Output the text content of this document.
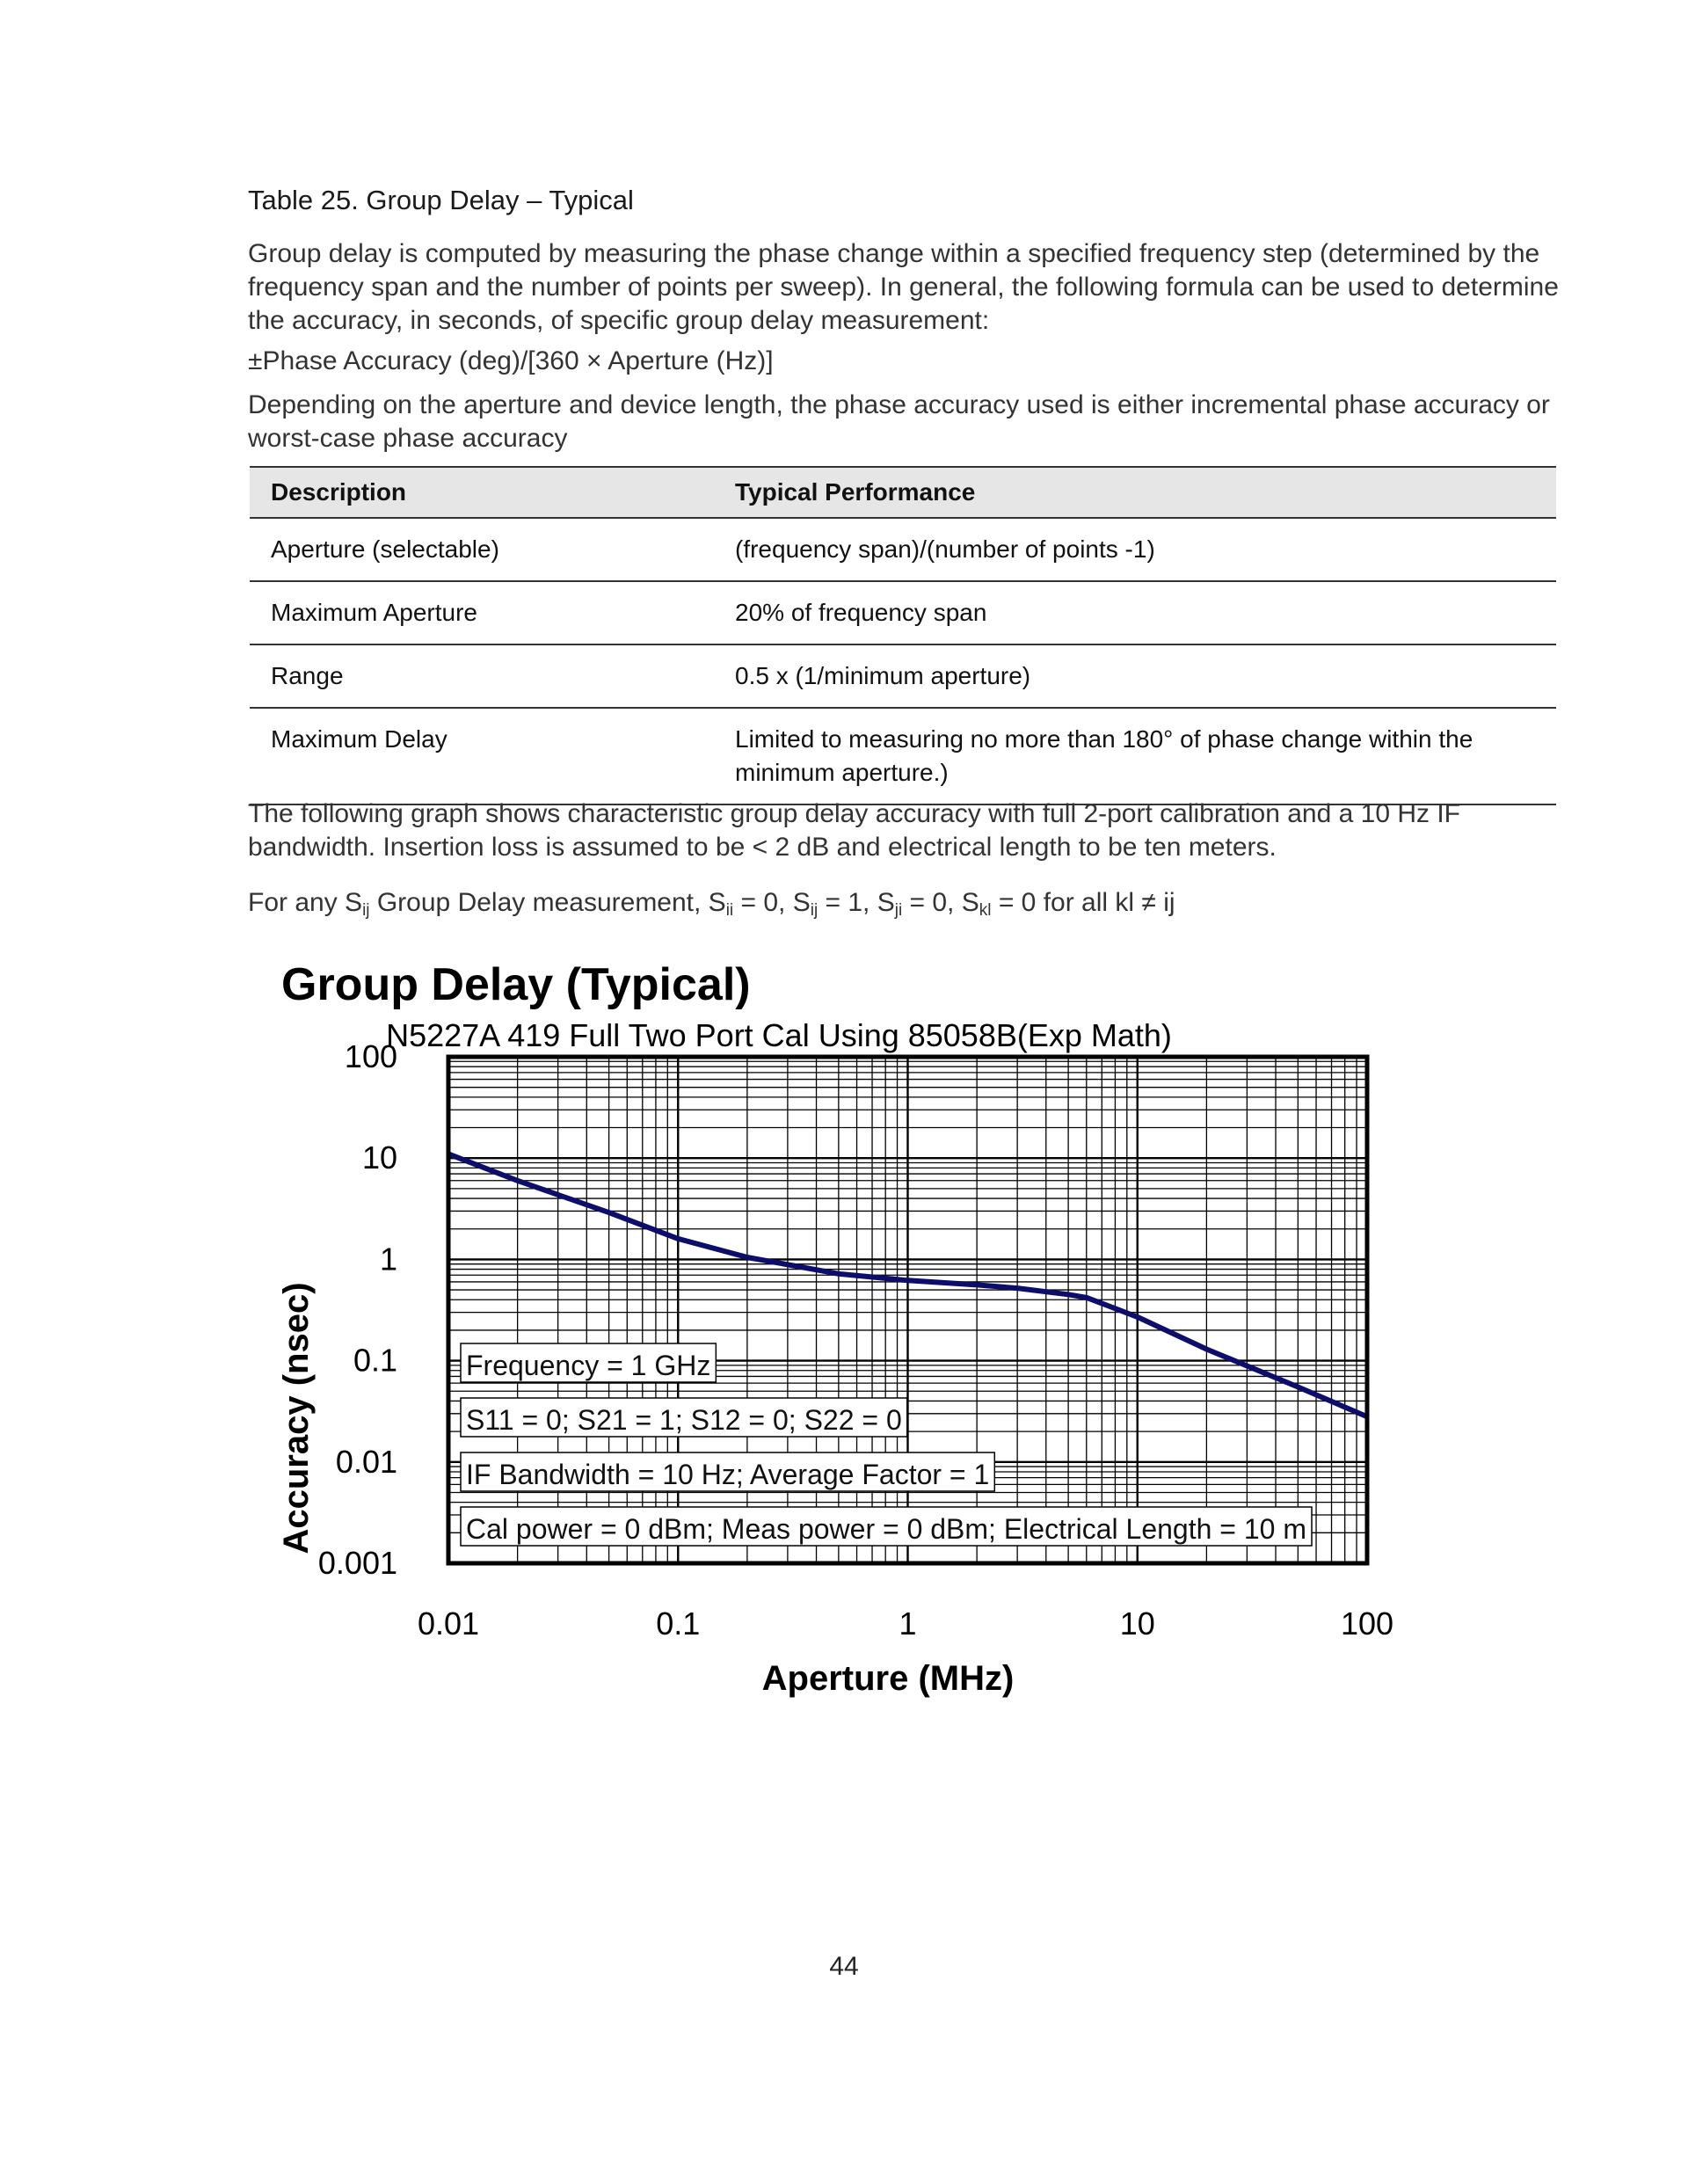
Table 25. Group Delay – Typical
Group delay is computed by measuring the phase change within a specified frequency step (determined by the frequency span and the number of points per sweep). In general, the following formula can be used to determine the accuracy, in seconds, of specific group delay measurement:
±Phase Accuracy (deg)/[360 × Aperture (Hz)]
Depending on the aperture and device length, the phase accuracy used is either incremental phase accuracy or worst-case phase accuracy
Description	Typical Performance
Aperture (selectable)	(frequency span)/(number of points -1)
Maximum Aperture	20% of frequency span
Range	0.5 x (1/minimum aperture)
Maximum Delay	Limited to measuring no more than 180° of phase change within the minimum aperture.)
The following graph shows characteristic group delay accuracy with full 2-port calibration and a 10 Hz IF bandwidth. Insertion loss is assumed to be < 2 dB and electrical length to be ten meters.
For any $S_{ij}$ Group Delay measurement, $S_{ii} = 0$, $S_{ij} = 1$, $S_{ji} = 0$, $S_{kl} = 0$ for all kl ≠ ij
Group Delay (Typical)
N5227A 419 Full Two Port Cal Using 85058B(Exp Math)
Frequency = 1 GHz
S11 = 0; S21 = 1; S12 = 0; S22 = 0
IF Bandwidth = 10 Hz; Average Factor = 1
Cal power = 0 dBm; Meas power = 0 dBm; Electrical Length = 10 m
100
10
1
0.1
0.01
0.001
0.01	0.1	1	10	100
Aperture (MHz)
Accuracy (nsec)
44
